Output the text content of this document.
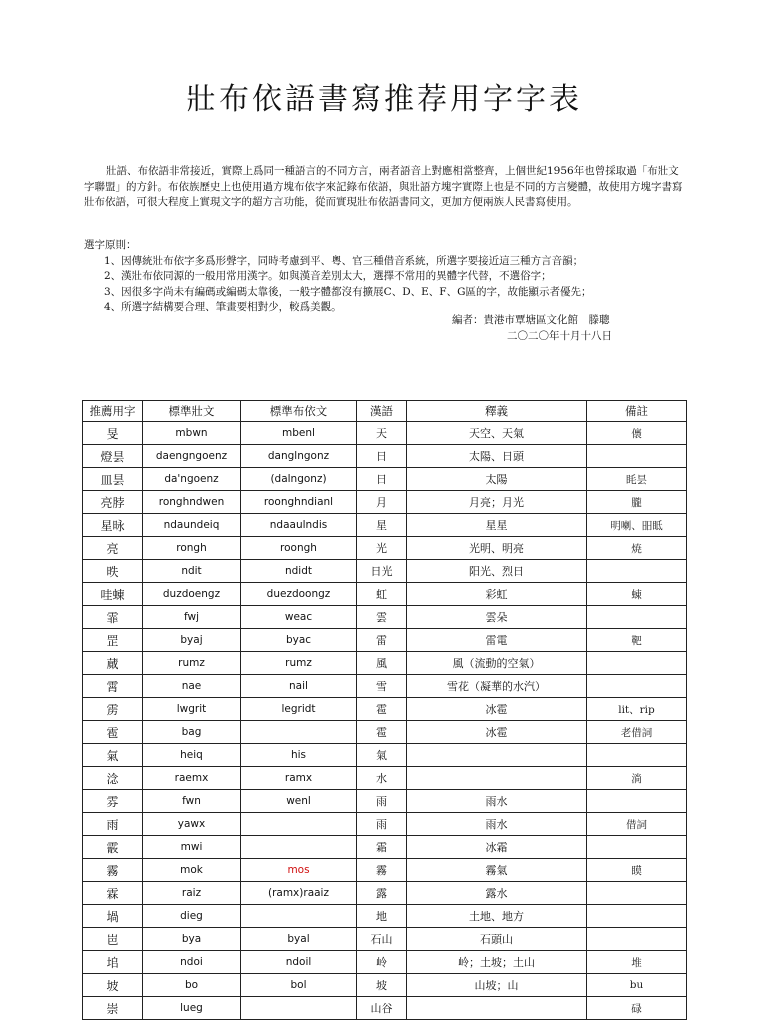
壯布依語書寫推荐用字字表
壯語、布依語非常接近，實際上爲同一種語言的不同方言，兩者語音上對應相當整齊，上個世紀1956年也曾採取過「布壯文字聯盟」的方針。布依族歷史上也使用過方塊布依字來記錄布依語，與壯語方塊字實際上也是不同的方言變體，故使用方塊字書寫壯布依語，可很大程度上實現文字的超方言功能，從而實現壯布依語書同文，更加方便兩族人民書寫使用。
選字原則：
1、因傳統壯布依字多爲形聲字，同時考慮到平、粵、官三種借音系統，所選字要接近這三種方言音韻；
2、漢壯布依同源的一般用常用漢字。如與漢音差別太大，選擇不常用的異體字代替，不選俗字；
3、因很多字尚未有編碼或編碼太靠後，一般字體都沒有擴展C、D、E、F、G區的字，故能顯示者優先；
4、所選字結構要合理、筆畫要相對少，較爲美觀。
編者：貴港市覃塘區文化館　滕聰
二〇二〇年十月十八日
推薦用字	標準壯文	標準布依文	漢語	釋義	備註
旻	mbwn	mbenl	天	天空、天氣	㒟
燈昙	daengngoenz	danglngonz	日	太陽、日頭	
皿昙	da'ngoenz	(dalngonz)	日	太陽	眊昙
亮脖	ronghndwen	roonghndianl	月	月亮；月光	朧
星昹	ndaundeiq	ndaaulndis	星	星星	明喇、昍眡
亮	rongh	roongh	光	光明、明亮	焼
昳	ndit	ndidt	日光	阳光、烈日	
哇蝀	duzdoengz	duezdoongz	虹	彩虹	蝀
霏	fwj	weac	雲	雲朵	
罡	byaj	byac	雷	雷電	靶
蕆	rumz	rumz	風	風（流動的空氣）	
霄	nae	nail	雪	雪花（凝華的水汽）	
雳	lwgrit	legridt	雹	冰雹	lit、rip
雹	bag		雹	冰雹	老借詞
氣	heiq	his	氣		
淰	raemx	ramx	水		淌
雰	fwn	wenl	雨	雨水	
雨	yawx		雨	雨水	借詞
霰	mwi		霜	冰霜	
霧	mok	mos	霧	霧氣	瞙
霖	raiz	(ramx)raaiz	露	露水	
堝	dieg		地	土地、地方	
岜	bya	byal	石山	石頭山	
垖	ndoi	ndoil	岭	岭；土坡；土山	堆
坡	bo	bol	坡	山坡；山	bu
崇	lueg		山谷		碌
